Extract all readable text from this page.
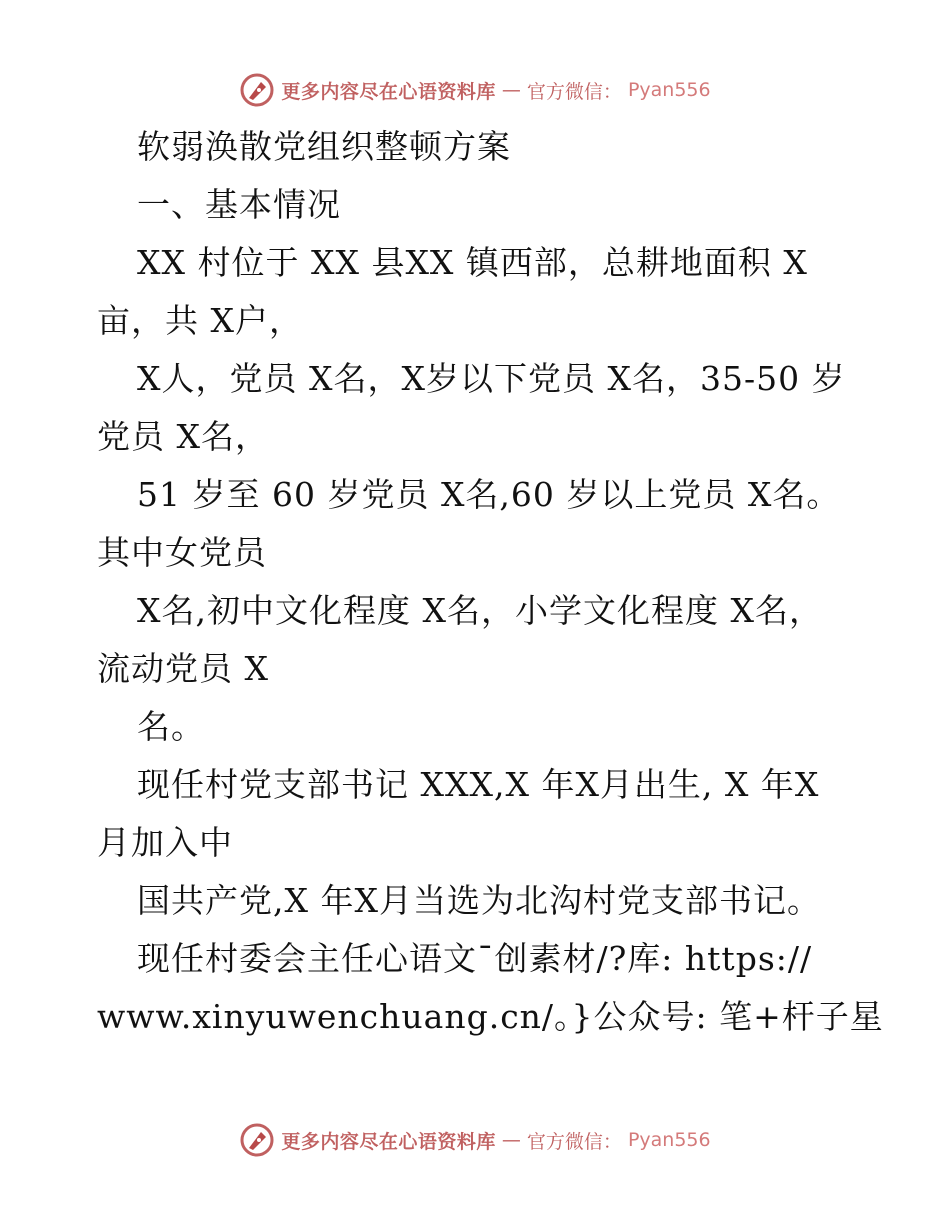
更多内容尽在心语资料库 — 官方微信： Pyan556
软弱涣散党组织整顿方案
一、基本情况
XX 村位于 XX 县XX 镇西部，总耕地面积 X
亩，共 X户，
X人，党员 X名，X岁以下党员 X名，35-50 岁
党员 X名，
51 岁至 60 岁党员 X名,60 岁以上党员 X名。
其中女党员
X名,初中文化程度 X名，小学文化程度 X名，
流动党员 X
名。
现任村党支部书记 XXX,X 年X月出生, X 年X
月加入中
国共产党,X 年X月当选为北沟村党支部书记。
现任村委会主任心语文¯创素材/?库: https://
www.xinyuwenchuang.cn/。}公众号: 笔+杆子星
更多内容尽在心语资料库 — 官方微信： Pyan556
